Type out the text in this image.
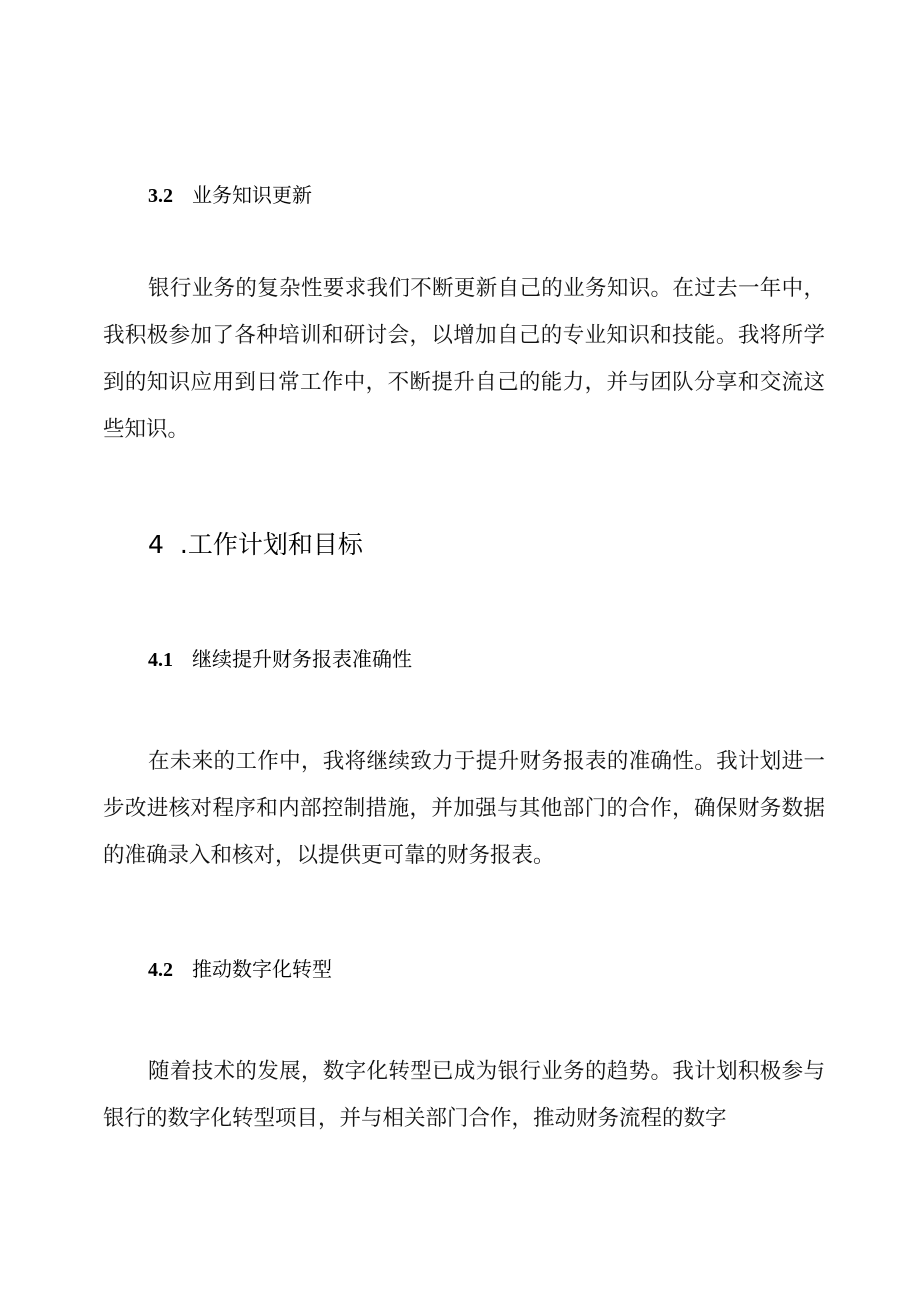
3.2 业务知识更新

银行业务的复杂性要求我们不断更新自己的业务知识。在过去一年中，我积极参加了各种培训和研讨会，以增加自己的专业知识和技能。我将所学到的知识应用到日常工作中，不断提升自己的能力，并与团队分享和交流这些知识。

4 .工作计划和目标
4.1 继续提升财务报表准确性

在未来的工作中，我将继续致力于提升财务报表的准确性。我计划进一步改进核对程序和内部控制措施，并加强与其他部门的合作，确保财务数据的准确录入和核对，以提供更可靠的财务报表。

4.2 推动数字化转型

随着技术的发展，数字化转型已成为银行业务的趋势。我计划积极参与银行的数字化转型项目，并与相关部门合作，推动财务流程的数字
